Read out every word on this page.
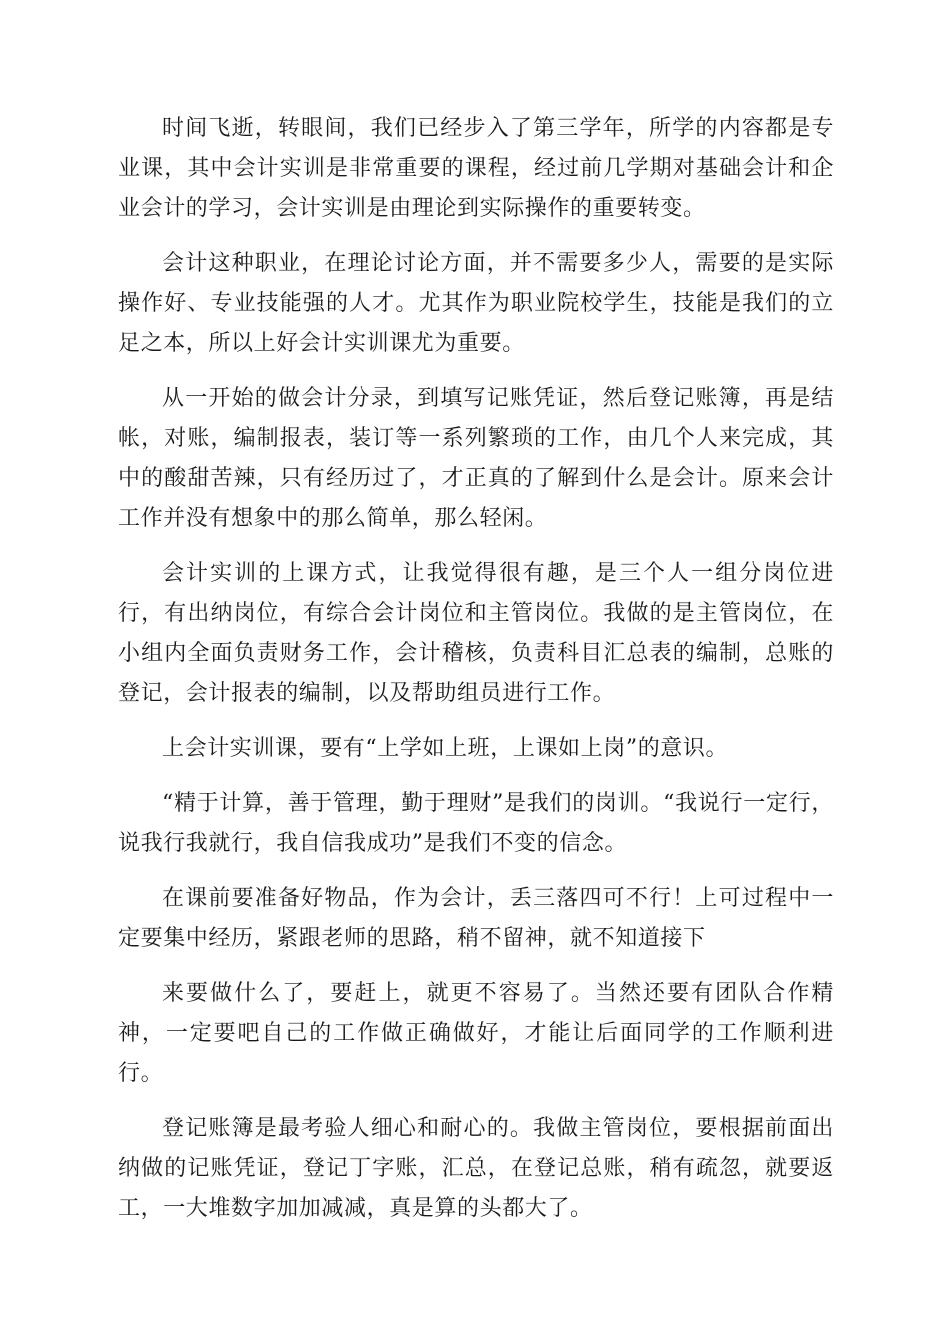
时间飞逝，转眼间，我们已经步入了第三学年，所学的内容都是专业课，其中会计实训是非常重要的课程，经过前几学期对基础会计和企业会计的学习，会计实训是由理论到实际操作的重要转变。

会计这种职业，在理论讨论方面，并不需要多少人，需要的是实际操作好、专业技能强的人才。尤其作为职业院校学生，技能是我们的立足之本，所以上好会计实训课尤为重要。

从一开始的做会计分录，到填写记账凭证，然后登记账簿，再是结帐，对账，编制报表，装订等一系列繁琐的工作，由几个人来完成，其中的酸甜苦辣，只有经历过了，才正真的了解到什么是会计。原来会计工作并没有想象中的那么简单，那么轻闲。

会计实训的上课方式，让我觉得很有趣，是三个人一组分岗位进行，有出纳岗位，有综合会计岗位和主管岗位。我做的是主管岗位，在小组内全面负责财务工作，会计稽核，负责科目汇总表的编制，总账的登记，会计报表的编制，以及帮助组员进行工作。

上会计实训课，要有“上学如上班，上课如上岗”的意识。

“精于计算，善于管理，勤于理财”是我们的岗训。“我说行一定行，说我行我就行，我自信我成功”是我们不变的信念。

在课前要准备好物品，作为会计，丢三落四可不行！上可过程中一定要集中经历，紧跟老师的思路，稍不留神，就不知道接下

来要做什么了，要赶上，就更不容易了。当然还要有团队合作精神，一定要吧自己的工作做正确做好，才能让后面同学的工作顺利进行。

登记账簿是最考验人细心和耐心的。我做主管岗位，要根据前面出纳做的记账凭证，登记丁字账，汇总，在登记总账，稍有疏忽，就要返工，一大堆数字加加减减，真是算的头都大了。
